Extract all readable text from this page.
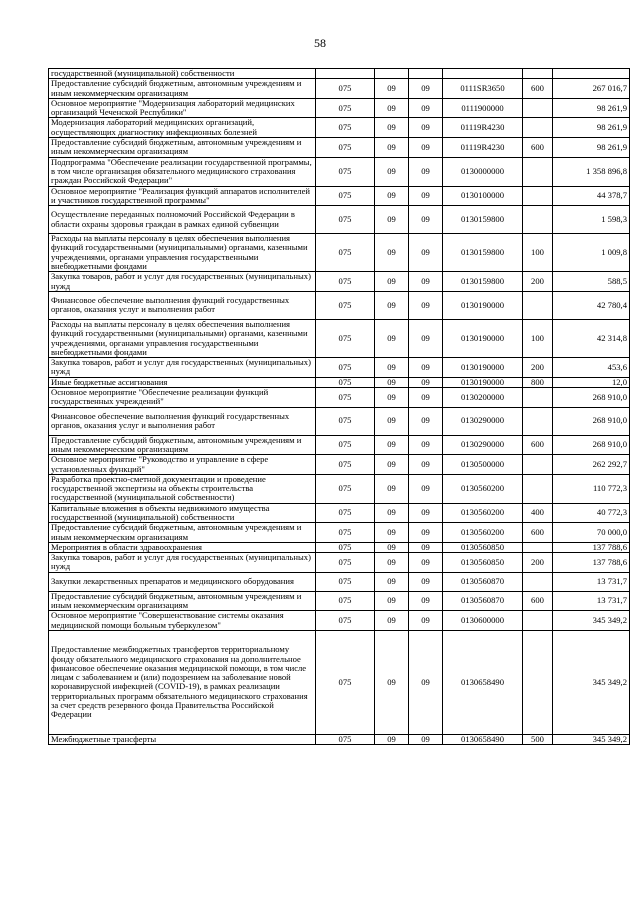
58
государственной (муниципальной) собственности						
Предоставление субсидий бюджетным, автономным учреждениям и иным некоммерческим организациям	075	09	09	0111SR3650	600	267 016,7
Основное мероприятие "Модернизация лабораторий медицинских организаций Чеченской Республики"	075	09	09	0111900000		98 261,9
Модернизация лабораторий медицинских организаций, осуществляющих диагностику инфекционных болезней	075	09	09	01119R4230		98 261,9
Предоставление субсидий бюджетным, автономным учреждениям и иным некоммерческим организациям	075	09	09	01119R4230	600	98 261,9
Подпрограмма "Обеспечение реализации государственной программы, в том числе организация обязательного медицинского страхования граждан Российской Федерации"	075	09	09	0130000000		1 358 896,8
Основное мероприятие "Реализация функций аппаратов исполнителей и участников государственной программы"	075	09	09	0130100000		44 378,7
Осуществление переданных полномочий Российской Федерации в области охраны здоровья граждан в рамках единой субвенции	075	09	09	0130159800		1 598,3
Расходы на выплаты персоналу в целях обеспечения выполнения функций государственными (муниципальными) органами, казенными учреждениями, органами управления государственными внебюджетными фондами	075	09	09	0130159800	100	1 009,8
Закупка товаров, работ и услуг для государственных (муниципальных) нужд	075	09	09	0130159800	200	588,5
Финансовое обеспечение выполнения функций государственных органов, оказания услуг и выполнения работ	075	09	09	0130190000		42 780,4
Расходы на выплаты персоналу в целях обеспечения выполнения функций государственными (муниципальными) органами, казенными учреждениями, органами управления государственными внебюджетными фондами	075	09	09	0130190000	100	42 314,8
Закупка товаров, работ и услуг для государственных (муниципальных) нужд	075	09	09	0130190000	200	453,6
Иные бюджетные ассигнования	075	09	09	0130190000	800	12,0
Основное мероприятие "Обеспечение реализации функций государственных учреждений"	075	09	09	0130200000		268 910,0
Финансовое обеспечение выполнения функций государственных органов, оказания услуг и выполнения работ	075	09	09	0130290000		268 910,0
Предоставление субсидий бюджетным, автономным учреждениям и иным некоммерческим организациям	075	09	09	0130290000	600	268 910,0
Основное мероприятие "Руководство и управление в сфере установленных функций"	075	09	09	0130500000		262 292,7
Разработка проектно-сметной документации и проведение государственной экспертизы на объекты строительства государственной (муниципальной собственности)	075	09	09	0130560200		110 772,3
Капитальные вложения в объекты недвижимого имущества государственной (муниципальной) собственности	075	09	09	0130560200	400	40 772,3
Предоставление субсидий бюджетным, автономным учреждениям и иным некоммерческим организациям	075	09	09	0130560200	600	70 000,0
Мероприятия в области здравоохранения	075	09	09	0130560850		137 788,6
Закупка товаров, работ и услуг для государственных (муниципальных) нужд	075	09	09	0130560850	200	137 788,6
Закупки лекарственных препаратов и медицинского оборудования	075	09	09	0130560870		13 731,7
Предоставление субсидий бюджетным, автономным учреждениям и иным некоммерческим организациям	075	09	09	0130560870	600	13 731,7
Основное мероприятие "Совершенствование системы оказания медицинской помощи больным туберкулезом"	075	09	09	0130600000		345 349,2
Предоставление межбюджетных трансфертов территориальному фонду обязательного медицинского страхования на дополнительное финансовое обеспечение оказания медицинской помощи, в том числе лицам с заболеванием и (или) подозрением на заболевание новой коронавирусной инфекцией (COVID-19), в рамках реализации территориальных программ обязательного медицинского страхования за счет средств резервного фонда Правительства Российской Федерации	075	09	09	0130658490		345 349,2
Межбюджетные трансферты	075	09	09	0130658490	500	345 349,2
